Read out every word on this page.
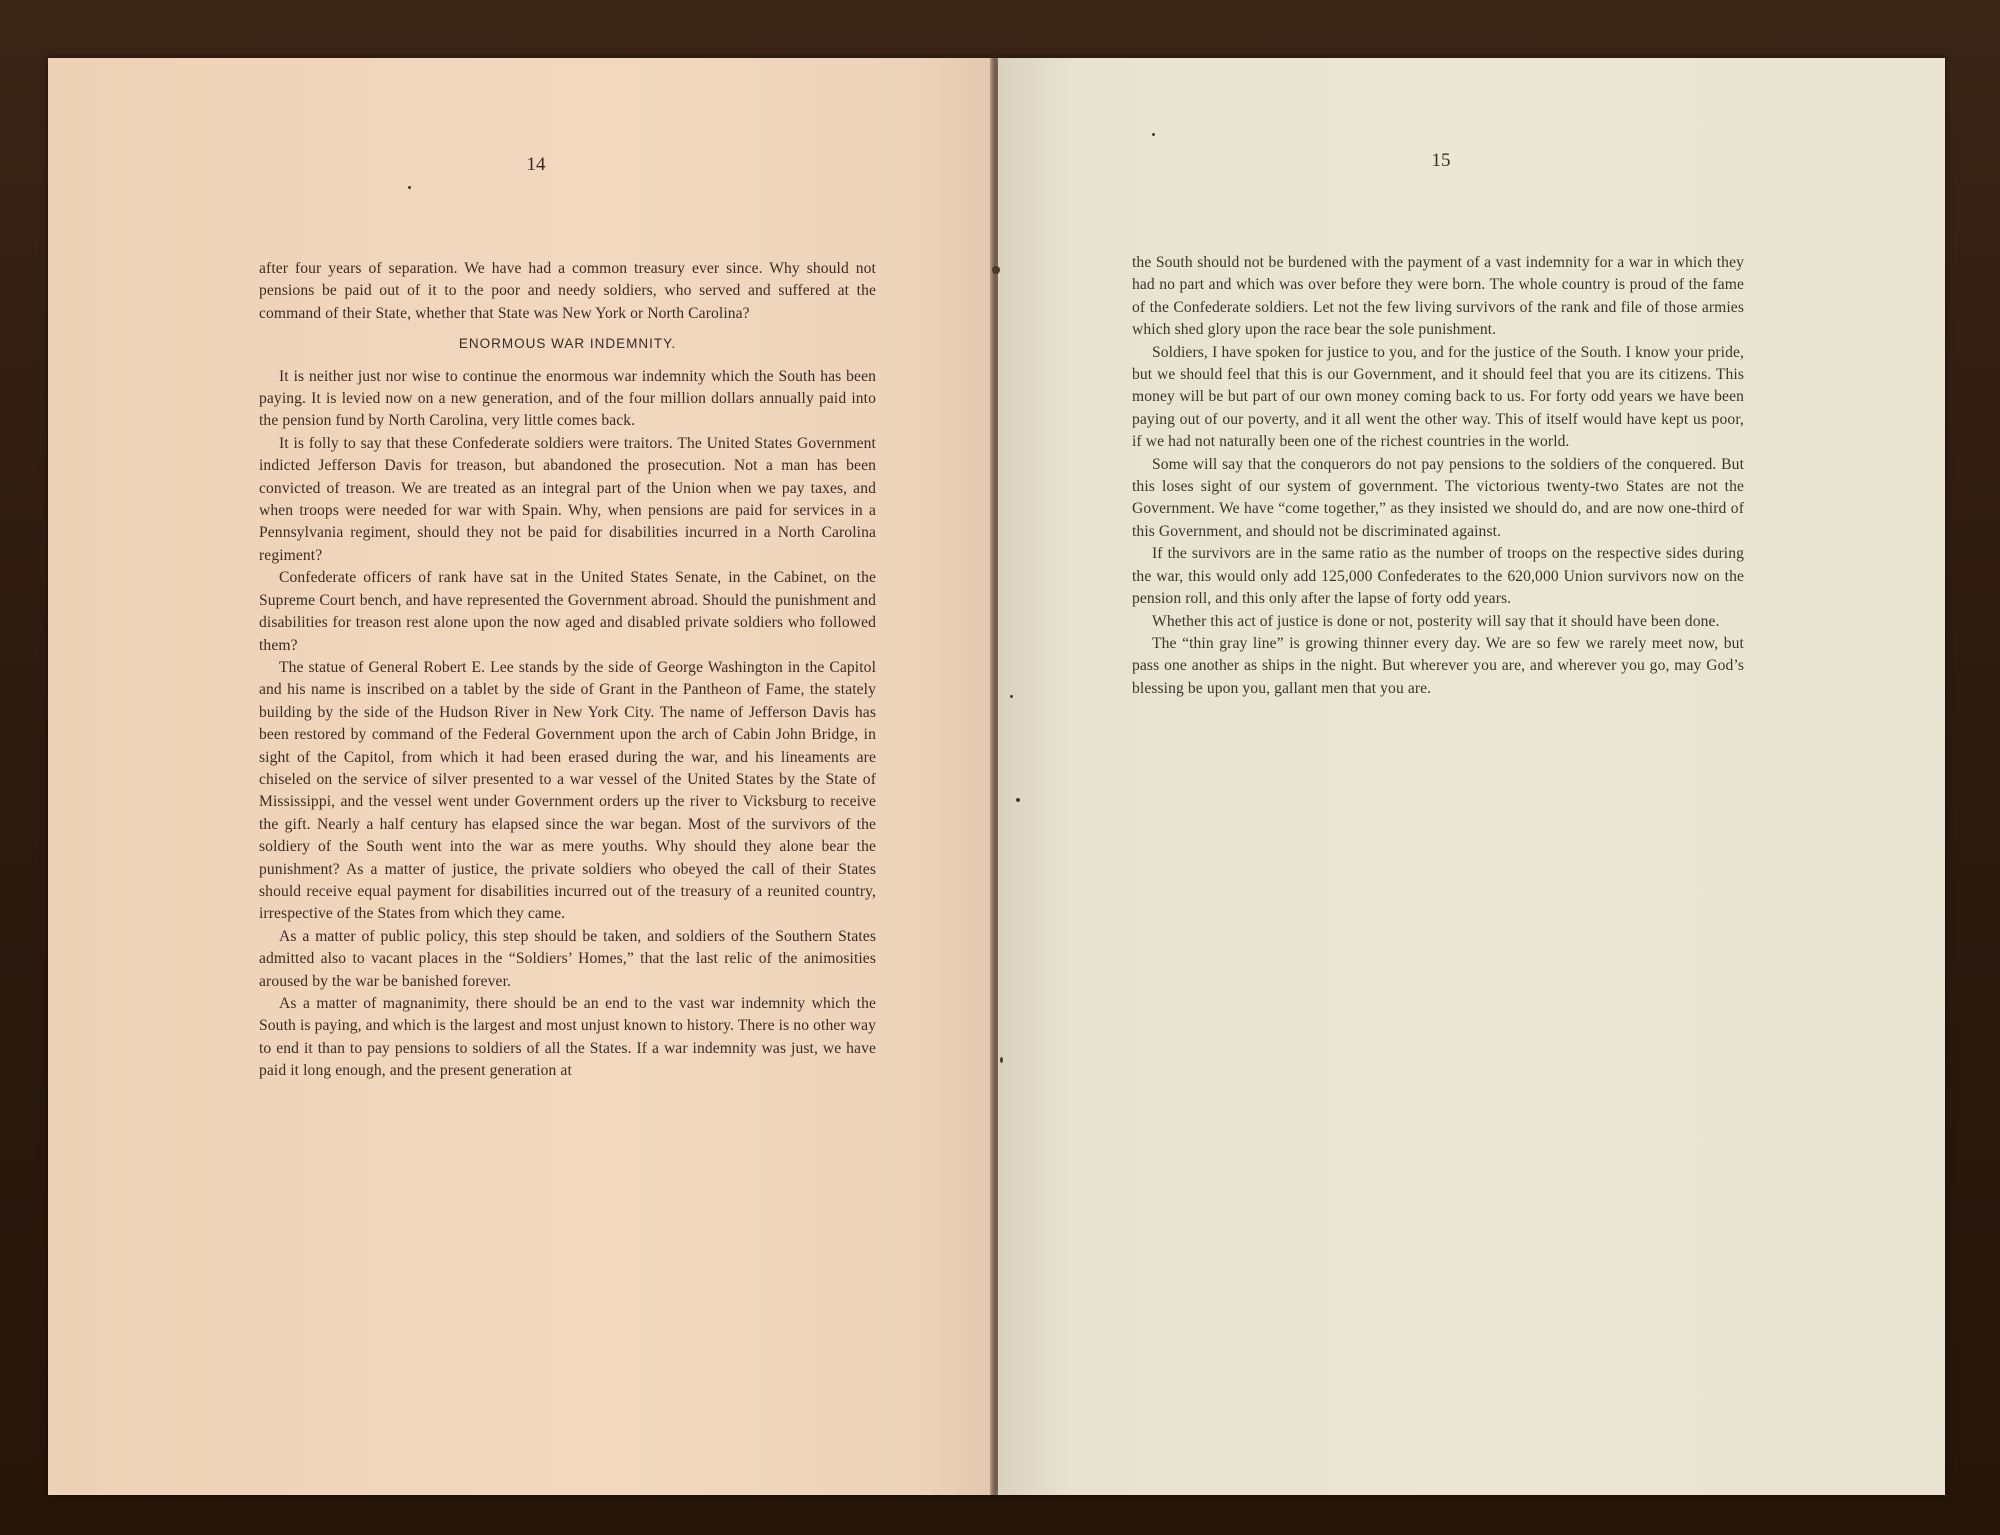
14	15

after four years of separation. We have had a common treasury ever since. Why should not pensions be paid out of it to the poor and needy soldiers, who served and suffered at the command of their State, whether that State was New York or North Carolina?

ENORMOUS WAR INDEMNITY.

It is neither just nor wise to continue the enormous war indemnity which the South has been paying. It is levied now on a new generation, and of the four million dollars annually paid into the pension fund by North Carolina, very little comes back.

It is folly to say that these Confederate soldiers were traitors. The United States Government indicted Jefferson Davis for treason, but abandoned the prosecution. Not a man has been convicted of treason. We are treated as an integral part of the Union when we pay taxes, and when troops were needed for war with Spain. Why, when pensions are paid for services in a Pennsylvania regiment, should they not be paid for disabilities incurred in a North Carolina regiment?

Confederate officers of rank have sat in the United States Senate, in the Cabinet, on the Supreme Court bench, and have represented the Government abroad. Should the punishment and disabilities for treason rest alone upon the now aged and disabled private soldiers who followed them?

The statue of General Robert E. Lee stands by the side of George Washington in the Capitol and his name is inscribed on a tablet by the side of Grant in the Pantheon of Fame, the stately building by the side of the Hudson River in New York City. The name of Jefferson Davis has been restored by command of the Federal Government upon the arch of Cabin John Bridge, in sight of the Capitol, from which it had been erased during the war, and his lineaments are chiseled on the service of silver presented to a war vessel of the United States by the State of Mississippi, and the vessel went under Government orders up the river to Vicksburg to receive the gift. Nearly a half century has elapsed since the war began. Most of the survivors of the soldiery of the South went into the war as mere youths. Why should they alone bear the punishment? As a matter of justice, the private soldiers who obeyed the call of their States should receive equal payment for disabilities incurred out of the treasury of a reunited country, irrespective of the States from which they came.

As a matter of public policy, this step should be taken, and soldiers of the Southern States admitted also to vacant places in the “Soldiers’ Homes,” that the last relic of the animosities aroused by the war be banished forever.

As a matter of magnanimity, there should be an end to the vast war indemnity which the South is paying, and which is the largest and most unjust known to history. There is no other way to end it than to pay pensions to soldiers of all the States. If a war indemnity was just, we have paid it long enough, and the present generation at

the South should not be burdened with the payment of a vast indemnity for a war in which they had no part and which was over before they were born. The whole country is proud of the fame of the Confederate soldiers. Let not the few living survivors of the rank and file of those armies which shed glory upon the race bear the sole punishment.

Soldiers, I have spoken for justice to you, and for the justice of the South. I know your pride, but we should feel that this is our Government, and it should feel that you are its citizens. This money will be but part of our own money coming back to us. For forty odd years we have been paying out of our poverty, and it all went the other way. This of itself would have kept us poor, if we had not naturally been one of the richest countries in the world.

Some will say that the conquerors do not pay pensions to the soldiers of the conquered. But this loses sight of our system of government. The victorious twenty-two States are not the Government. We have “come together,” as they insisted we should do, and are now one-third of this Government, and should not be discriminated against.

If the survivors are in the same ratio as the number of troops on the respective sides during the war, this would only add 125,000 Confederates to the 620,000 Union survivors now on the pension roll, and this only after the lapse of forty odd years.

Whether this act of justice is done or not, posterity will say that it should have been done.

The “thin gray line” is growing thinner every day. We are so few we rarely meet now, but pass one another as ships in the night. But wherever you are, and wherever you go, may God’s blessing be upon you, gallant men that you are.
